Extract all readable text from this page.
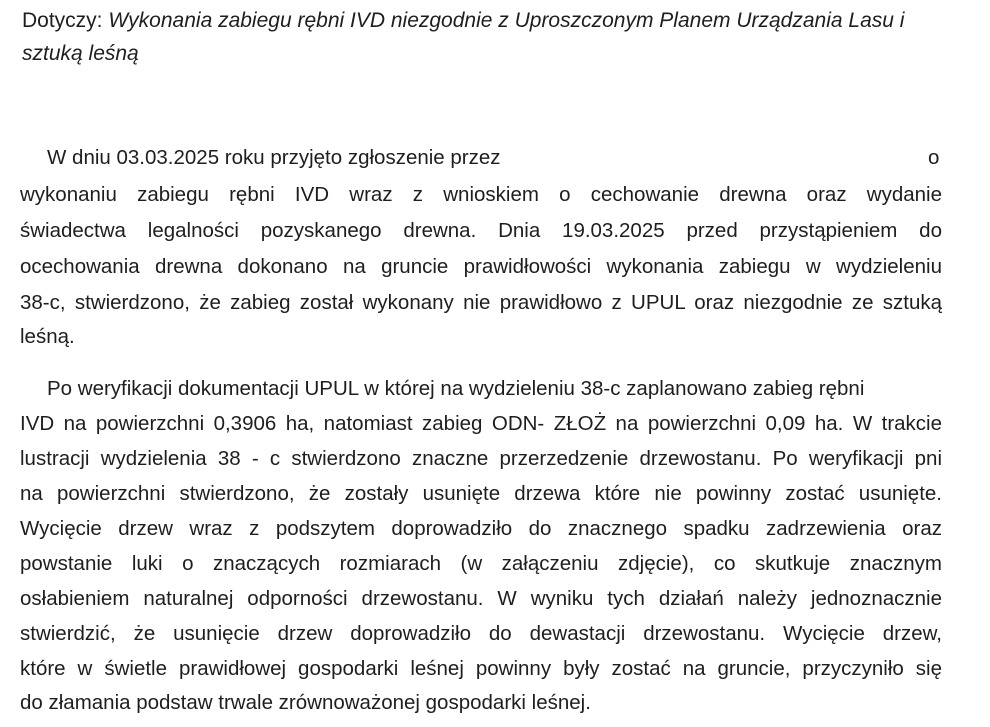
Dotyczy: Wykonania zabiegu rębni IVD niezgodnie z Uproszczonym Planem Urządzania Lasu i
sztuką leśną
W dniu 03.03.2025 roku przyjęto zgłoszenie przez	o
wykonaniu zabiegu rębni IVD wraz z wnioskiem o cechowanie drewna oraz wydanie
świadectwa legalności pozyskanego drewna. Dnia 19.03.2025 przed przystąpieniem do
ocechowania drewna dokonano na gruncie prawidłowości wykonania zabiegu w wydzieleniu
38-c, stwierdzono, że zabieg został wykonany nie prawidłowo z UPUL oraz niezgodnie ze sztuką
leśną.
Po weryfikacji dokumentacji UPUL w której na wydzieleniu 38-c zaplanowano zabieg rębni
IVD na powierzchni 0,3906 ha, natomiast zabieg ODN- ZŁOŻ na powierzchni 0,09 ha. W trakcie
lustracji wydzielenia 38 - c stwierdzono znaczne przerzedzenie drzewostanu. Po weryfikacji pni
na powierzchni stwierdzono, że zostały usunięte drzewa które nie powinny zostać usunięte.
Wycięcie drzew wraz z podszytem doprowadziło do znacznego spadku zadrzewienia oraz
powstanie luki o znaczących rozmiarach (w załączeniu zdjęcie), co skutkuje znacznym
osłabieniem naturalnej odporności drzewostanu. W wyniku tych działań należy jednoznacznie
stwierdzić, że usunięcie drzew doprowadziło do dewastacji drzewostanu. Wycięcie drzew,
które w świetle prawidłowej gospodarki leśnej powinny były zostać na gruncie, przyczyniło się
do złamania podstaw trwale zrównoważonej gospodarki leśnej.
